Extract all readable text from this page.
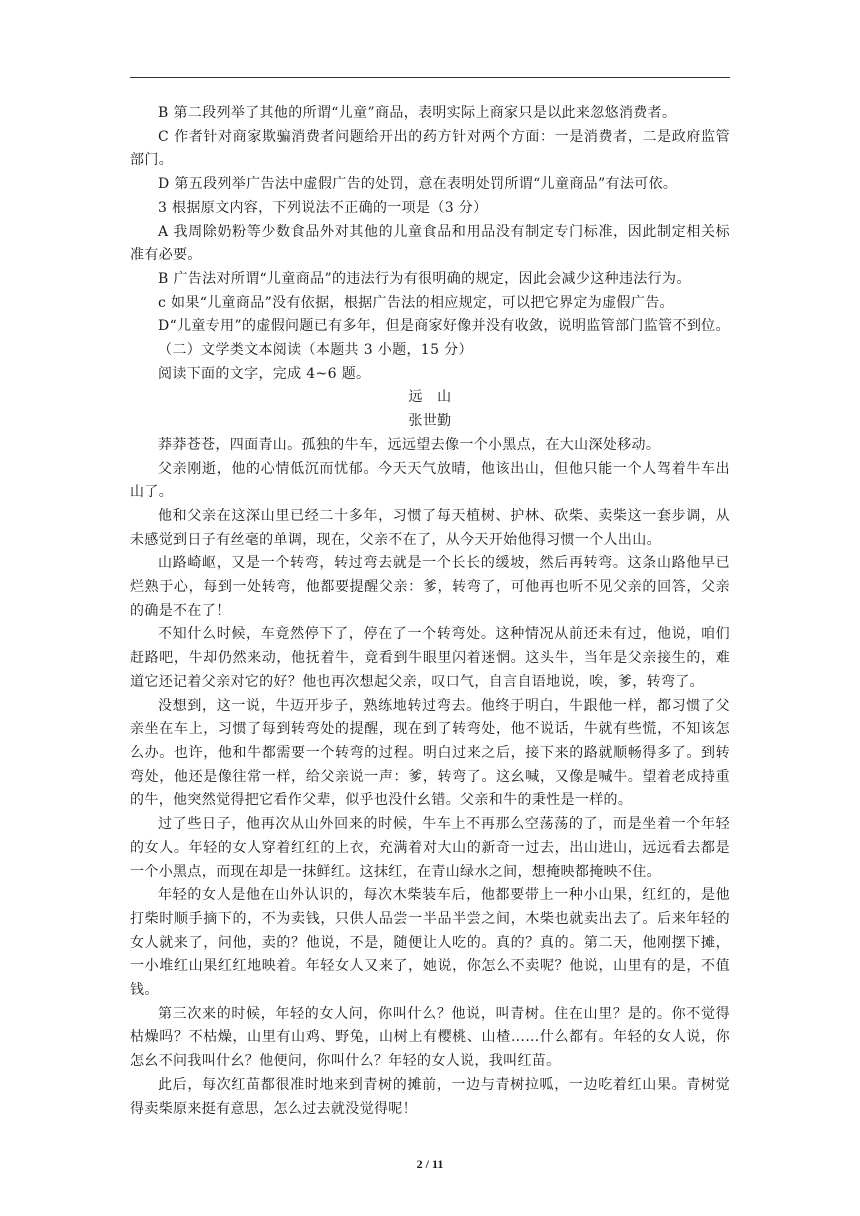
B 第二段列举了其他的所谓“儿童”商品，表明实际上商家只是以此来忽悠消费者。

C 作者针对商家欺骗消费者问题给开出的药方针对两个方面：一是消费者，二是政府监管部门。

D 第五段列举广告法中虚假广告的处罚，意在表明处罚所谓“儿童商品”有法可依。

3 根据原文内容，下列说法不正确的一项是（3 分）

A 我周除奶粉等少数食品外对其他的儿童食品和用品没有制定专门标准，因此制定相关标准有必要。

B 广告法对所谓“儿童商品”的违法行为有很明确的规定，因此会减少这种违法行为。

c 如果“儿童商品”没有依据，根据广告法的相应规定，可以把它界定为虚假广告。

D“儿童专用”的虚假问题已有多年，但是商家好像并没有收敛，说明监管部门监管不到位。

（二）文学类文本阅读（本题共 3 小题，15 分）

阅读下面的文字，完成 4~6 题。

远　山

张世勤

莽莽苍苍，四面青山。孤独的牛车，远远望去像一个小黑点，在大山深处移动。

父亲刚逝，他的心情低沉而忧郁。今天天气放晴，他该出山，但他只能一个人驾着牛车出山了。

他和父亲在这深山里已经二十多年，习惯了每天植树、护林、砍柴、卖柴这一套步调，从未感觉到日子有丝毫的单调，现在，父亲不在了，从今天开始他得习惯一个人出山。

山路崎岖，又是一个转弯，转过弯去就是一个长长的缓坡，然后再转弯。这条山路他早已烂熟于心，每到一处转弯，他都要提醒父亲：爹，转弯了，可他再也听不见父亲的回答，父亲的确是不在了！

不知什么时候，车竟然停下了，停在了一个转弯处。这种情况从前还未有过，他说，咱们赶路吧，牛却仍然来动，他抚着牛，竟看到牛眼里闪着迷惘。这头牛，当年是父亲接生的，难道它还记着父亲对它的好？他也再次想起父亲，叹口气，自言自语地说，唉，爹，转弯了。

没想到，这一说，牛迈开步子，熟练地转过弯去。他终于明白，牛跟他一样，都习惯了父亲坐在车上，习惯了每到转弯处的提醒，现在到了转弯处，他不说话，牛就有些慌，不知该怎么办。也许，他和牛都需要一个转弯的过程。明白过来之后，接下来的路就顺畅得多了。到转弯处，他还是像往常一样，给父亲说一声：爹，转弯了。这幺喊，又像是喊牛。望着老成持重的牛，他突然觉得把它看作父辈，似乎也没什幺错。父亲和牛的秉性是一样的。

过了些日子，他再次从山外回来的时候，牛车上不再那么空荡荡的了，而是坐着一个年轻的女人。年轻的女人穿着红红的上衣，充满着对大山的新奇一过去，出山进山，远远看去都是一个小黑点，而现在却是一抹鲜红。这抹红，在青山绿水之间，想掩映都掩映不住。

年轻的女人是他在山外认识的，每次木柴装车后，他都要带上一种小山果，红红的，是他打柴时顺手摘下的，不为卖钱，只供人品尝一半品半尝之间，木柴也就卖出去了。后来年轻的女人就来了，问他，卖的？他说，不是，随便让人吃的。真的？真的。第二天，他刚摆下摊，一小堆红山果红红地映着。年轻女人又来了，她说，你怎么不卖呢？他说，山里有的是，不值钱。

第三次来的时候，年轻的女人问，你叫什么？他说，叫青树。住在山里？是的。你不觉得枯燥吗？不枯燥，山里有山鸡、野兔，山树上有樱桃、山楂……什么都有。年轻的女人说，你怎幺不问我叫什幺？他便问，你叫什么？年轻的女人说，我叫红苗。

此后，每次红苗都很准时地来到青树的摊前，一边与青树拉呱，一边吃着红山果。青树觉得卖柴原来挺有意思，怎么过去就没觉得呢！

2 / 11
